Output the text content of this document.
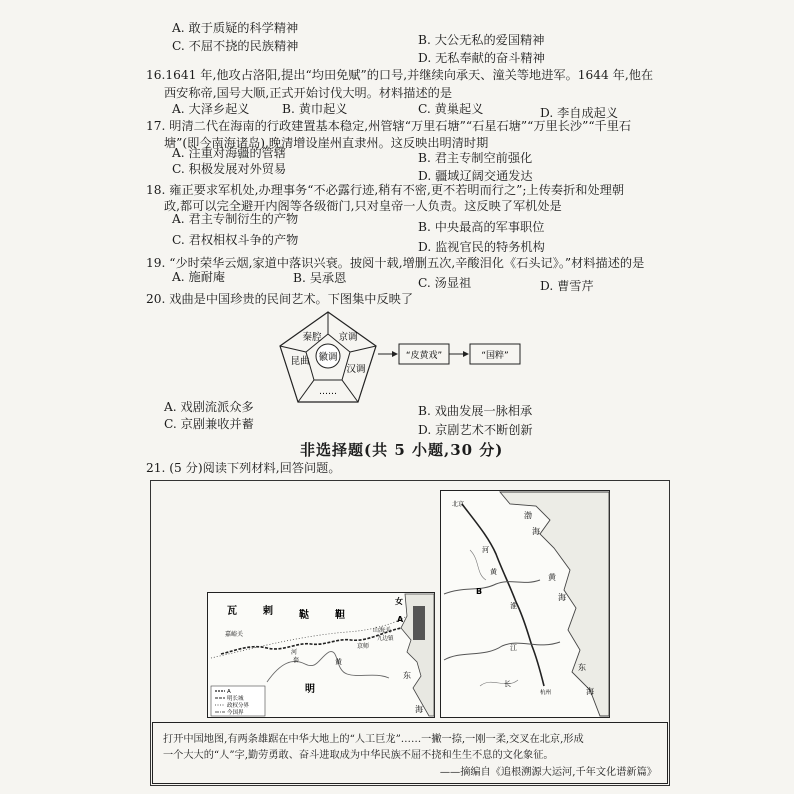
A. 敢于质疑的科学精神
B. 大公无私的爱国精神
C. 不屈不挠的民族精神
D. 无私奉献的奋斗精神
16.1641 年,他攻占洛阳,提出“均田免赋”的口号,并继续向承天、潼关等地进军。1644 年,他在
西安称帝,国号大顺,正式开始讨伐大明。材料描述的是
A. 大泽乡起义	B. 黄巾起义	C. 黄巢起义	D. 李自成起义
17. 明清二代在海南的行政建置基本稳定,州管辖“万里石塘”“石星石塘”“万里长沙”“千里石
塘”(即今南海诸岛),晚清增设崖州直隶州。这反映出明清时期
A. 注重对海疆的管辖	B. 君主专制空前强化
C. 积极发展对外贸易	D. 疆域辽阔交通发达
18. 雍正要求军机处,办理事务“不必露行迹,稍有不密,更不若明而行之”;上传奏折和处理朝
政,都可以完全避开内阁等各级衙门,只对皇帝一人负责。这反映了军机处是
A. 君主专制衍生的产物
B. 中央最高的军事职位
C. 君权相权斗争的产物	D. 监视官民的特务机构
19. “少时荣华云烟,家道中落识兴衰。披阅十载,增删五次,辛酸泪化《石头记》。”材料描述的是
A. 施耐庵	B. 吴承恩	C. 汤显祖	D. 曹雪芹
20. 戏曲是中国珍贵的民间艺术。下图集中反映了
徽调
秦腔 京调
汉调
……
昆曲	“皮黄戏”	“国粹”
A. 戏剧流派众多	B. 戏曲发展一脉相承
C. 京剧兼收并蓄	D. 京剧艺术不断创新
非选择题(共 5 小题,30 分)
21. (5 分)阅读下列材料,回答问题。
A
明长城
政权分界
今国界
瓦	剌	鞑	靼
女
嘉峪关
山海关
九边镇
京师
明
河
套	黄
东
海
A
北京
渤
海
河
黄
B
淮
黄
海
江
长
杭州
东
海
打开中国地图,有两条雄踞在中华大地上的“人工巨龙”……一撇一捺,一刚一柔,交叉在北京,形成
一个大大的“人”字,勤劳勇敢、奋斗进取成为中华民族不屈不挠和生生不息的文化象征。
——摘编自《追根溯源大运河,千年文化谱新篇》
